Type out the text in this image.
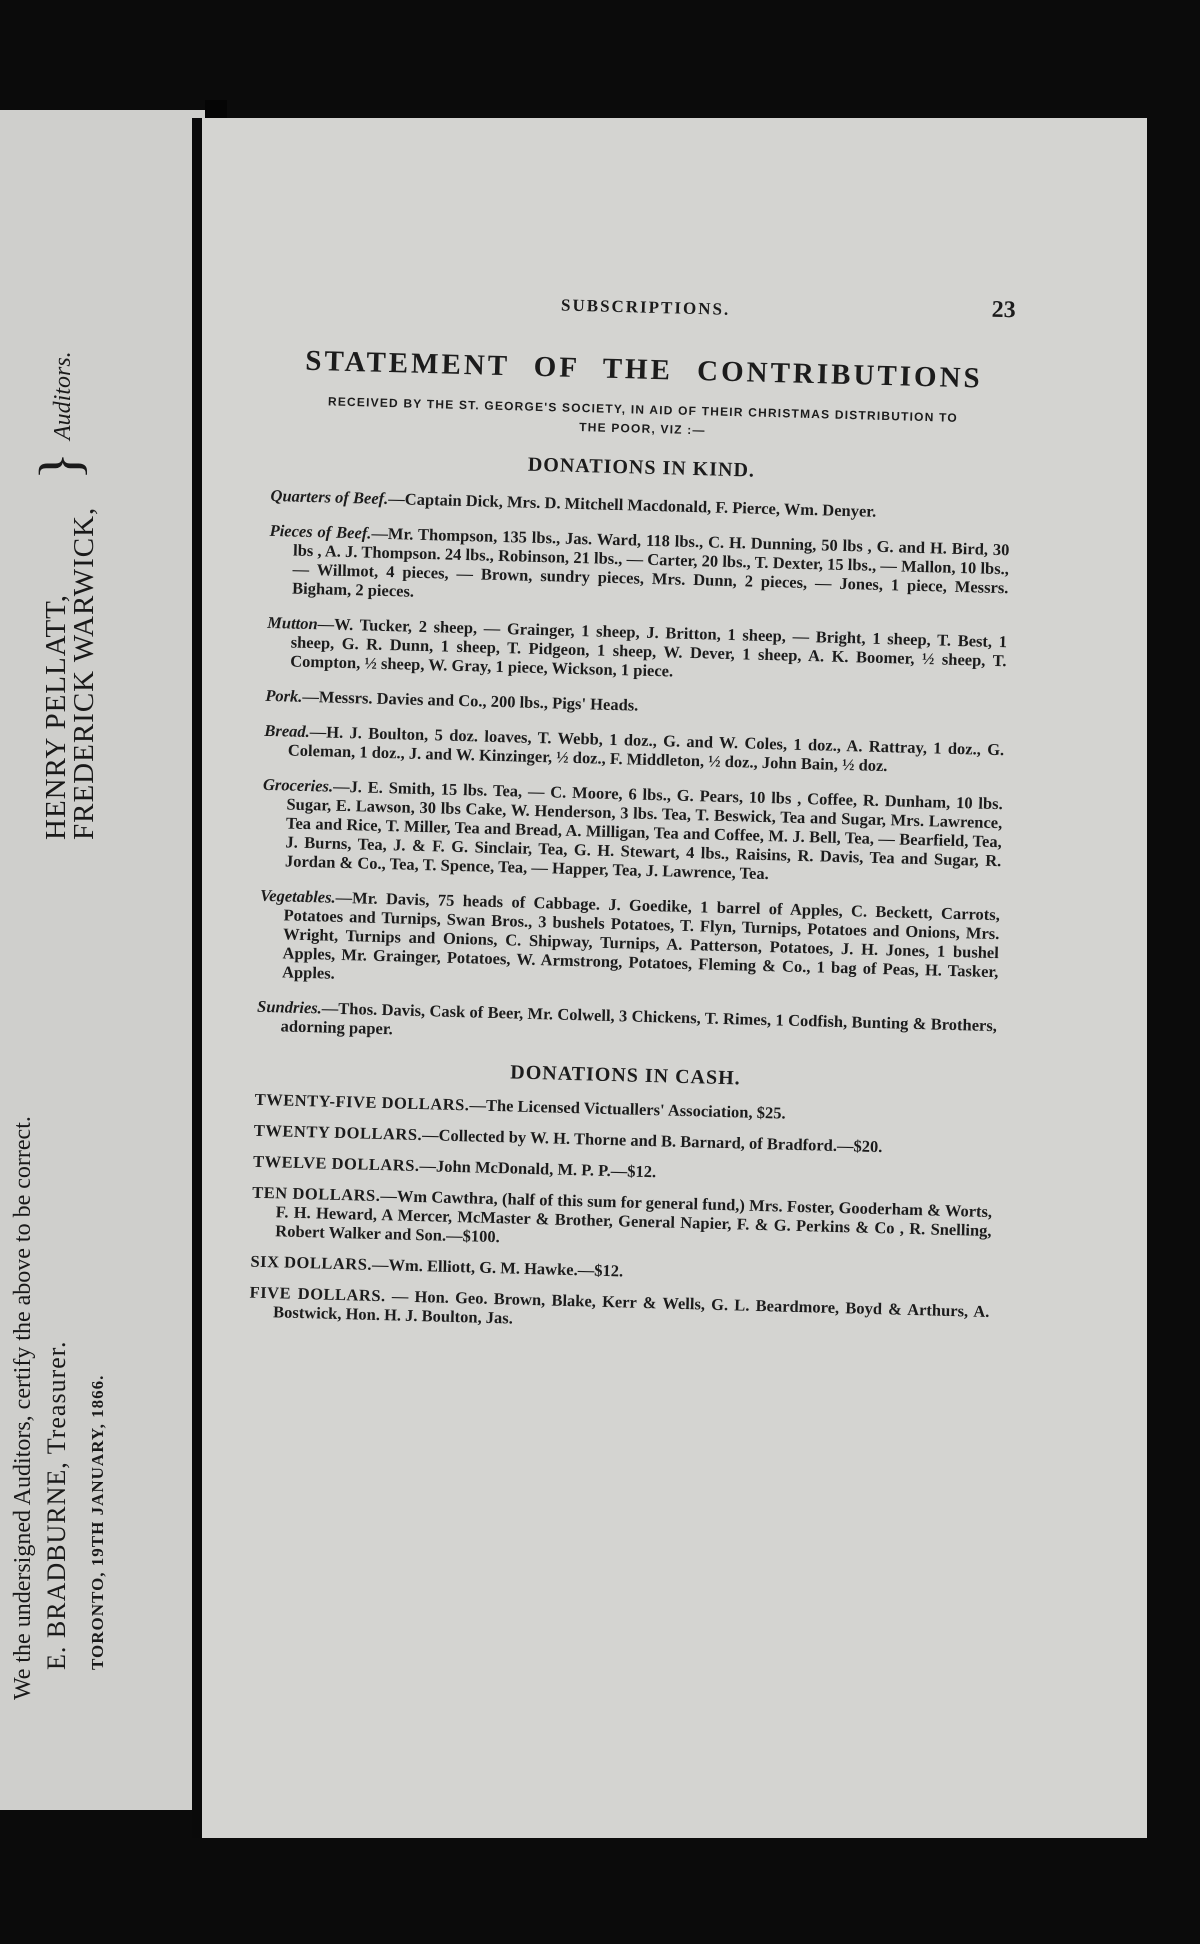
We the undersigned Auditors, certify the above to be correct. E. BRADBURNE, Treasurer. TORONTO, 19TH JANUARY, 1866.
HENRY PELLATT,
FREDERICK WARWICK,
}
Auditors.
SUBSCRIPTIONS.	23
STATEMENT OF THE CONTRIBUTIONS
RECEIVED BY THE ST. GEORGE'S SOCIETY, IN AID OF THEIR CHRISTMAS DISTRIBUTION TO THE POOR, VIZ :—
DONATIONS IN KIND.
Quarters of Beef.—Captain Dick, Mrs. D. Mitchell Macdonald, F. Pierce, Wm. Denyer.
Pieces of Beef.—Mr. Thompson, 135 lbs., Jas. Ward, 118 lbs., C. H. Dunning, 50 lbs , G. and H. Bird, 30 lbs , A. J. Thompson. 24 lbs., Robinson, 21 lbs., — Carter, 20 lbs., T. Dexter, 15 lbs., — Mallon, 10 lbs., — Willmot, 4 pieces, — Brown, sundry pieces, Mrs. Dunn, 2 pieces, — Jones, 1 piece, Messrs. Bigham, 2 pieces.
Mutton—W. Tucker, 2 sheep, — Grainger, 1 sheep, J. Britton, 1 sheep, — Bright, 1 sheep, T. Best, 1 sheep, G. R. Dunn, 1 sheep, T. Pidgeon, 1 sheep, W. Dever, 1 sheep, A. K. Boomer, ½ sheep, T. Compton, ½ sheep, W. Gray, 1 piece, Wickson, 1 piece.
Pork.—Messrs. Davies and Co., 200 lbs., Pigs' Heads.
Bread.—H. J. Boulton, 5 doz. loaves, T. Webb, 1 doz., G. and W. Coles, 1 doz., A. Rattray, 1 doz., G. Coleman, 1 doz., J. and W. Kinzinger, ½ doz., F. Middleton, ½ doz., John Bain, ½ doz.
Groceries.—J. E. Smith, 15 lbs. Tea, — C. Moore, 6 lbs., G. Pears, 10 lbs , Coffee, R. Dunham, 10 lbs. Sugar, E. Lawson, 30 lbs Cake, W. Henderson, 3 lbs. Tea, T. Beswick, Tea and Sugar, Mrs. Lawrence, Tea and Rice, T. Miller, Tea and Bread, A. Milligan, Tea and Coffee, M. J. Bell, Tea, — Bearfield, Tea, J. Burns, Tea, J. & F. G. Sinclair, Tea, G. H. Stewart, 4 lbs., Raisins, R. Davis, Tea and Sugar, R. Jordan & Co., Tea, T. Spence, Tea, — Happer, Tea, J. Lawrence, Tea.
Vegetables.—Mr. Davis, 75 heads of Cabbage. J. Goedike, 1 barrel of Apples, C. Beckett, Carrots, Potatoes and Turnips, Swan Bros., 3 bushels Potatoes, T. Flyn, Turnips, Potatoes and Onions, Mrs. Wright, Turnips and Onions, C. Shipway, Turnips, A. Patterson, Potatoes, J. H. Jones, 1 bushel Apples, Mr. Grainger, Potatoes, W. Armstrong, Potatoes, Fleming & Co., 1 bag of Peas, H. Tasker, Apples.
Sundries.—Thos. Davis, Cask of Beer, Mr. Colwell, 3 Chickens, T. Rimes, 1 Codfish, Bunting & Brothers, adorning paper.
DONATIONS IN CASH.
TWENTY-FIVE DOLLARS.—The Licensed Victuallers' Association, $25.
TWENTY DOLLARS.—Collected by W. H. Thorne and B. Barnard, of Bradford.—$20.
TWELVE DOLLARS.—John McDonald, M. P. P.—$12.
TEN DOLLARS.—Wm Cawthra, (half of this sum for general fund,) Mrs. Foster, Gooderham & Worts, F. H. Heward, A Mercer, McMaster & Brother, General Napier, F. & G. Perkins & Co , R. Snelling, Robert Walker and Son.—$100.
SIX DOLLARS.—Wm. Elliott, G. M. Hawke.—$12.
FIVE DOLLARS. — Hon. Geo. Brown, Blake, Kerr & Wells, G. L. Beardmore, Boyd & Arthurs, A. Bostwick, Hon. H. J. Boulton, Jas.
